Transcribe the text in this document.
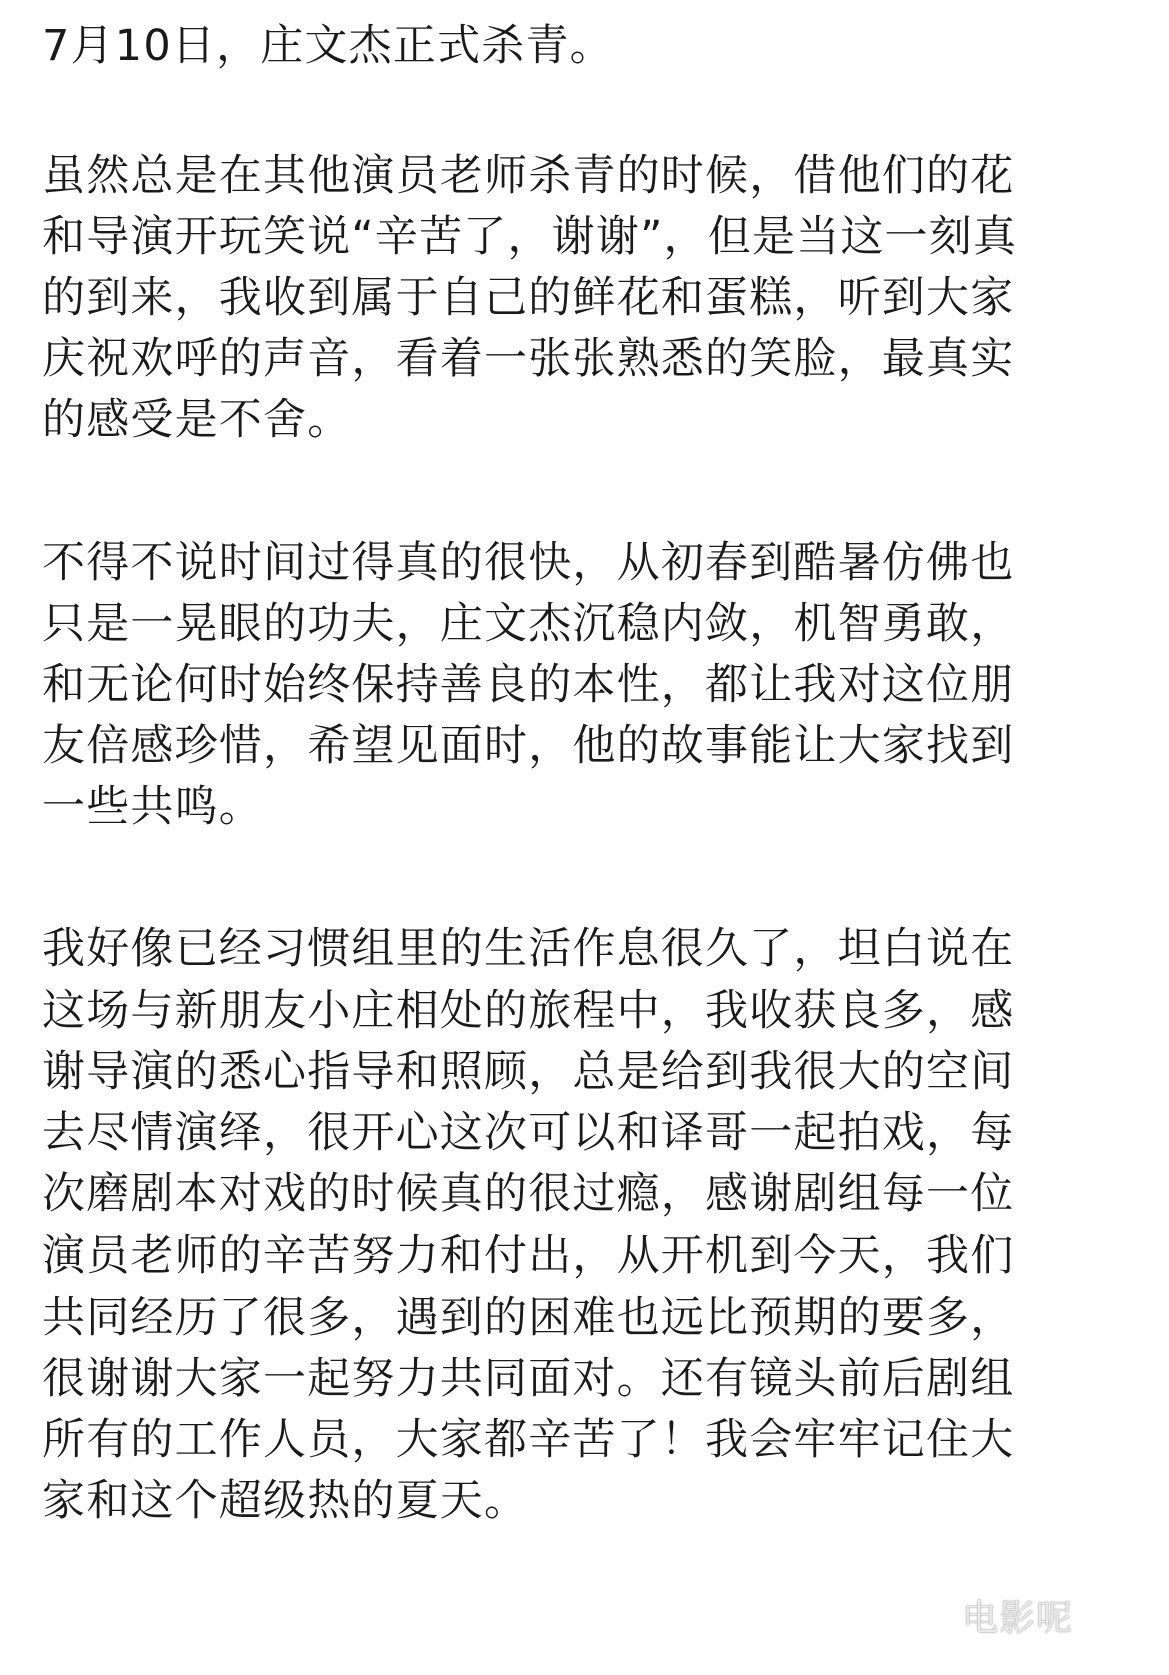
7月10日，庄文杰正式杀青。
虽然总是在其他演员老师杀青的时候，借他们的花
和导演开玩笑说“辛苦了，谢谢”，但是当这一刻真
的到来，我收到属于自己的鲜花和蛋糕，听到大家
庆祝欢呼的声音，看着一张张熟悉的笑脸，最真实
的感受是不舍。
不得不说时间过得真的很快，从初春到酷暑仿佛也
只是一晃眼的功夫，庄文杰沉稳内敛，机智勇敢，
和无论何时始终保持善良的本性，都让我对这位朋
友倍感珍惜，希望见面时，他的故事能让大家找到
一些共鸣。
我好像已经习惯组里的生活作息很久了，坦白说在
这场与新朋友小庄相处的旅程中，我收获良多，感
谢导演的悉心指导和照顾，总是给到我很大的空间
去尽情演绎，很开心这次可以和译哥一起拍戏，每
次磨剧本对戏的时候真的很过瘾，感谢剧组每一位
演员老师的辛苦努力和付出，从开机到今天，我们
共同经历了很多，遇到的困难也远比预期的要多，
很谢谢大家一起努力共同面对。还有镜头前后剧组
所有的工作人员，大家都辛苦了！我会牢牢记住大
家和这个超级热的夏天。
电影呢
